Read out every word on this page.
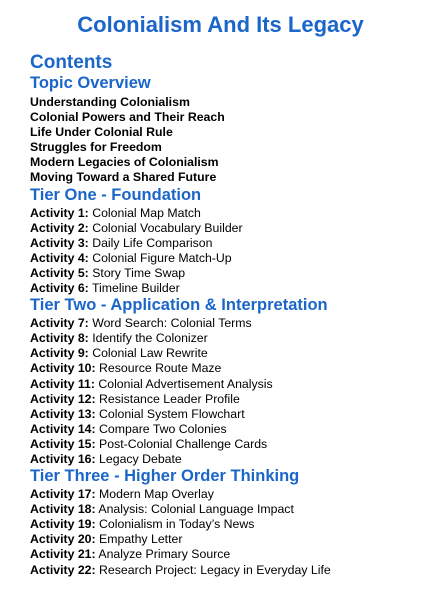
Colonialism And Its Legacy
Contents
Topic Overview
Understanding Colonialism
Colonial Powers and Their Reach
Life Under Colonial Rule
Struggles for Freedom
Modern Legacies of Colonialism
Moving Toward a Shared Future
Tier One - Foundation
Activity 1: Colonial Map Match
Activity 2: Colonial Vocabulary Builder
Activity 3: Daily Life Comparison
Activity 4: Colonial Figure Match-Up
Activity 5: Story Time Swap
Activity 6: Timeline Builder
Tier Two - Application & Interpretation
Activity 7: Word Search: Colonial Terms
Activity 8: Identify the Colonizer
Activity 9: Colonial Law Rewrite
Activity 10: Resource Route Maze
Activity 11: Colonial Advertisement Analysis
Activity 12: Resistance Leader Profile
Activity 13: Colonial System Flowchart
Activity 14: Compare Two Colonies
Activity 15: Post-Colonial Challenge Cards
Activity 16: Legacy Debate
Tier Three - Higher Order Thinking
Activity 17: Modern Map Overlay
Activity 18: Analysis: Colonial Language Impact
Activity 19: Colonialism in Today’s News
Activity 20: Empathy Letter
Activity 21: Analyze Primary Source
Activity 22: Research Project: Legacy in Everyday Life
